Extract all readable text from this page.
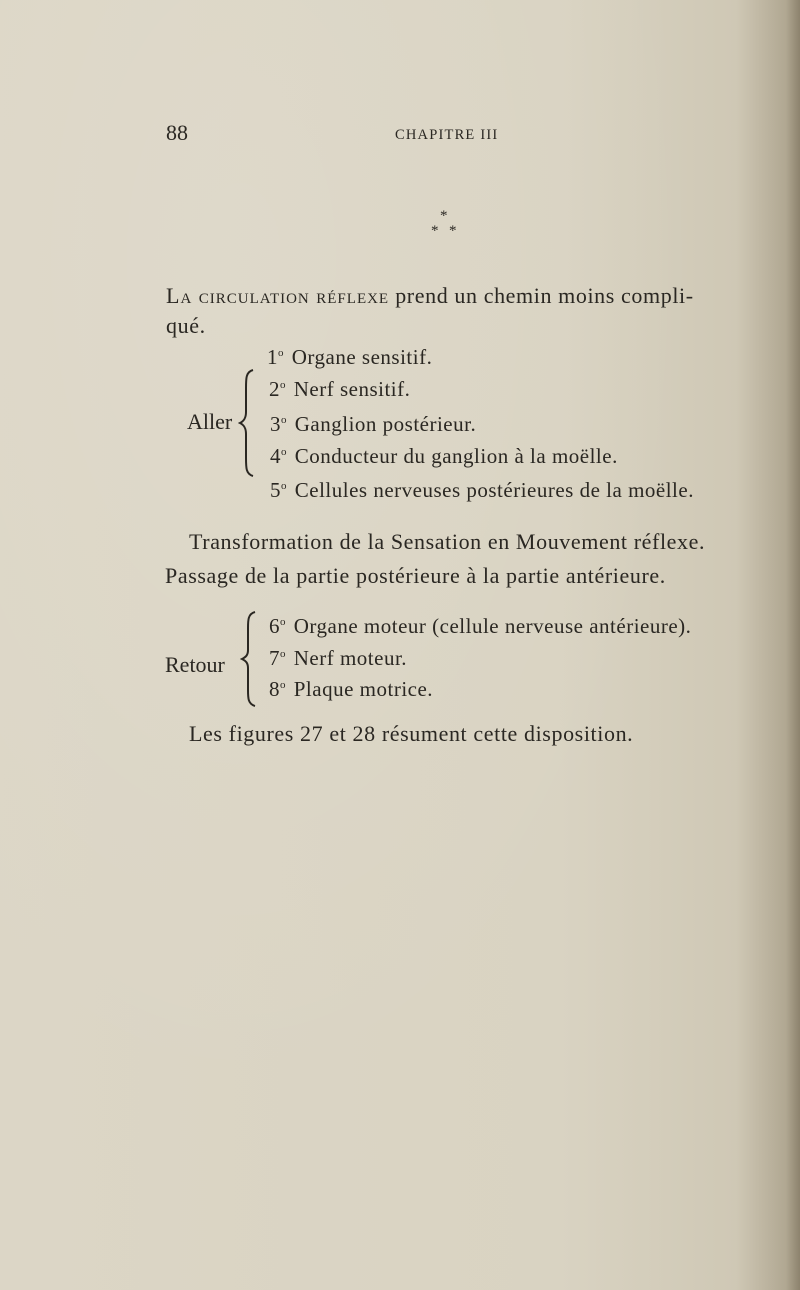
88	CHAPITRE III
*
* *
La circulation réflexe prend un chemin moins compli-
qué.
Aller
1$^o$ Organe sensitif.
2$^o$ Nerf sensitif.
3$^o$ Ganglion postérieur.
4$^o$ Conducteur du ganglion à la moëlle.
5$^o$ Cellules nerveuses postérieures de la moëlle.
Transformation de la Sensation en Mouvement réflexe.
Passage de la partie postérieure à la partie antérieure.
Retour
6$^o$ Organe moteur (cellule nerveuse antérieure).
7$^o$ Nerf moteur.
8$^o$ Plaque motrice.
Les figures 27 et 28 résument cette disposition.
